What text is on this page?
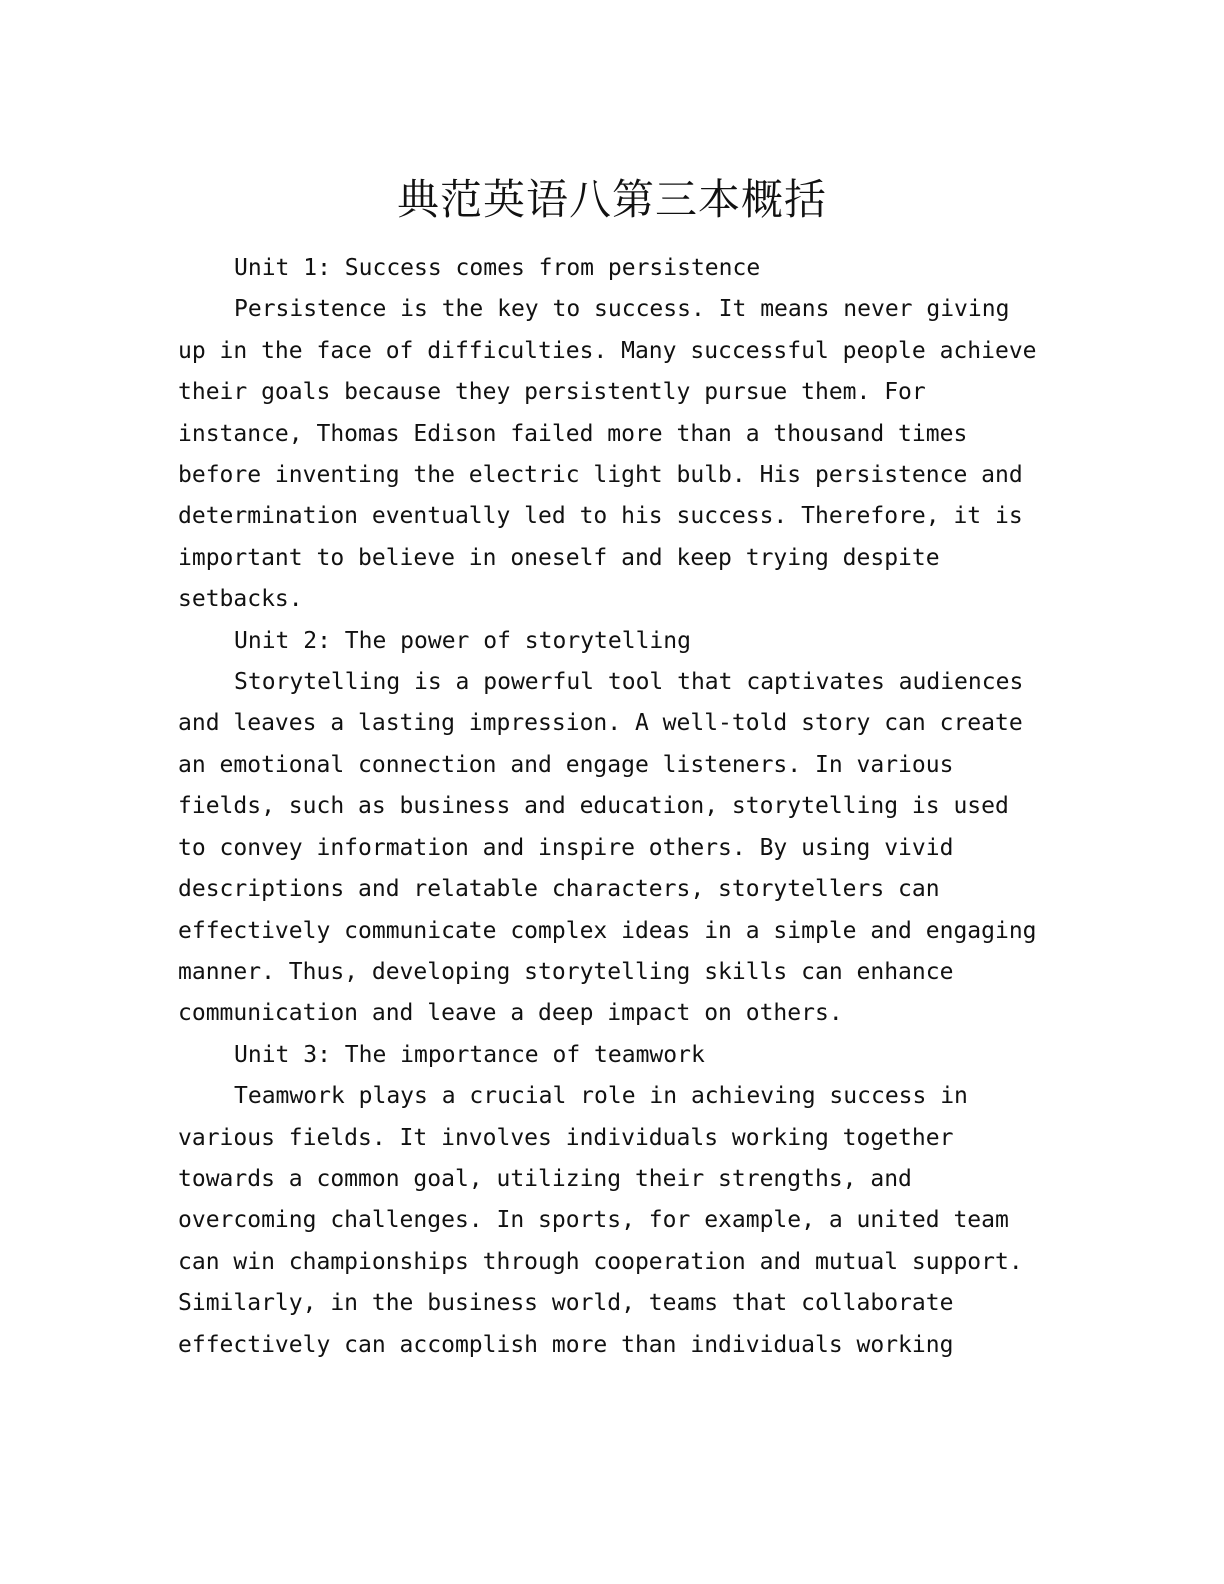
典范英语八第三本概括

Unit 1: Success comes from persistence

Persistence is the key to success. It means never giving up in the face of difficulties. Many successful people achieve their goals because they persistently pursue them. For instance, Thomas Edison failed more than a thousand times before inventing the electric light bulb. His persistence and determination eventually led to his success. Therefore, it is important to believe in oneself and keep trying despite setbacks.

Unit 2: The power of storytelling

Storytelling is a powerful tool that captivates audiences and leaves a lasting impression. A well-told story can create an emotional connection and engage listeners. In various fields, such as business and education, storytelling is used to convey information and inspire others. By using vivid descriptions and relatable characters, storytellers can effectively communicate complex ideas in a simple and engaging manner. Thus, developing storytelling skills can enhance communication and leave a deep impact on others.

Unit 3: The importance of teamwork

Teamwork plays a crucial role in achieving success in various fields. It involves individuals working together towards a common goal, utilizing their strengths, and overcoming challenges. In sports, for example, a united team can win championships through cooperation and mutual support. Similarly, in the business world, teams that collaborate effectively can accomplish more than individuals working
